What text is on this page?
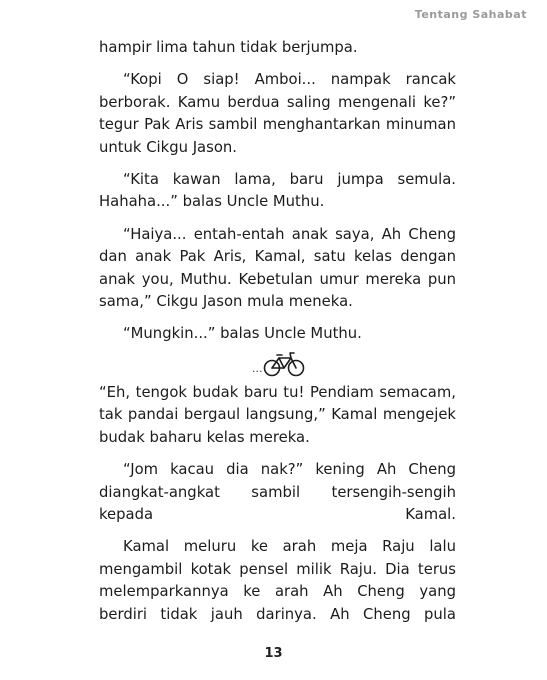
Tentang Sahabat

hampir lima tahun tidak berjumpa.

“Kopi O siap! Amboi... nampak rancak berborak. Kamu berdua saling mengenali ke?” tegur Pak Aris sambil menghantarkan minuman untuk Cikgu Jason.

“Kita kawan lama, baru jumpa semula. Hahaha...” balas Uncle Muthu.

“Haiya... entah-entah anak saya, Ah Cheng dan anak Pak Aris, Kamal, satu kelas dengan anak you, Muthu. Kebetulan umur mereka pun sama,” Cikgu Jason mula meneka.

“Mungkin...” balas Uncle Muthu.

...

“Eh, tengok budak baru tu! Pendiam semacam, tak pandai bergaul langsung,” Kamal mengejek budak baharu kelas mereka.

“Jom kacau dia nak?” kening Ah Cheng diangkat-angkat sambil tersengih-sengih kepada Kamal.

Kamal meluru ke arah meja Raju lalu mengambil kotak pensel milik Raju. Dia terus melemparkannya ke arah Ah Cheng yang berdiri tidak jauh darinya. Ah Cheng pula

13
